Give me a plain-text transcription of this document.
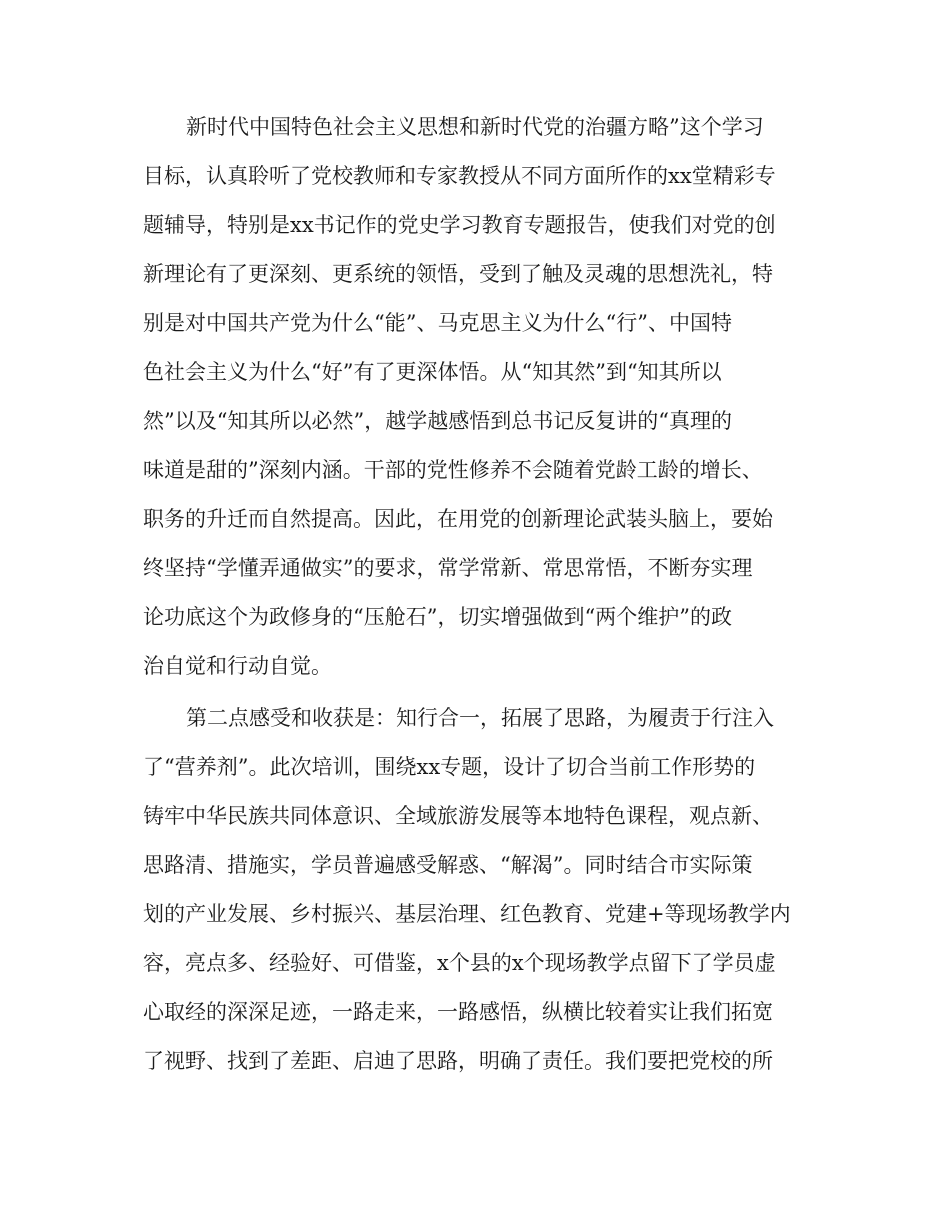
新时代中国特色社会主义思想和新时代党的治疆方略”这个学习
目标，认真聆听了党校教师和专家教授从不同方面所作的xx堂精彩专
题辅导，特别是xx书记作的党史学习教育专题报告，使我们对党的创
新理论有了更深刻、更系统的领悟，受到了触及灵魂的思想洗礼，特
别是对中国共产党为什么“能”、马克思主义为什么“行”、中国特
色社会主义为什么“好”有了更深体悟。从“知其然”到“知其所以
然”以及“知其所以必然”，越学越感悟到总书记反复讲的“真理的
味道是甜的”深刻内涵。干部的党性修养不会随着党龄工龄的增长、
职务的升迁而自然提高。因此，在用党的创新理论武装头脑上，要始
终坚持“学懂弄通做实”的要求，常学常新、常思常悟，不断夯实理
论功底这个为政修身的“压舱石”，切实增强做到“两个维护”的政
治自觉和行动自觉。
第二点感受和收获是：知行合一，拓展了思路，为履责于行注入
了“营养剂”。此次培训，围绕xx专题，设计了切合当前工作形势的
铸牢中华民族共同体意识、全域旅游发展等本地特色课程，观点新、
思路清、措施实，学员普遍感受解惑、“解渴”。同时结合市实际策
划的产业发展、乡村振兴、基层治理、红色教育、党建+等现场教学内
容，亮点多、经验好、可借鉴，x个县的x个现场教学点留下了学员虚
心取经的深深足迹，一路走来，一路感悟，纵横比较着实让我们拓宽
了视野、找到了差距、启迪了思路，明确了责任。我们要把党校的所
